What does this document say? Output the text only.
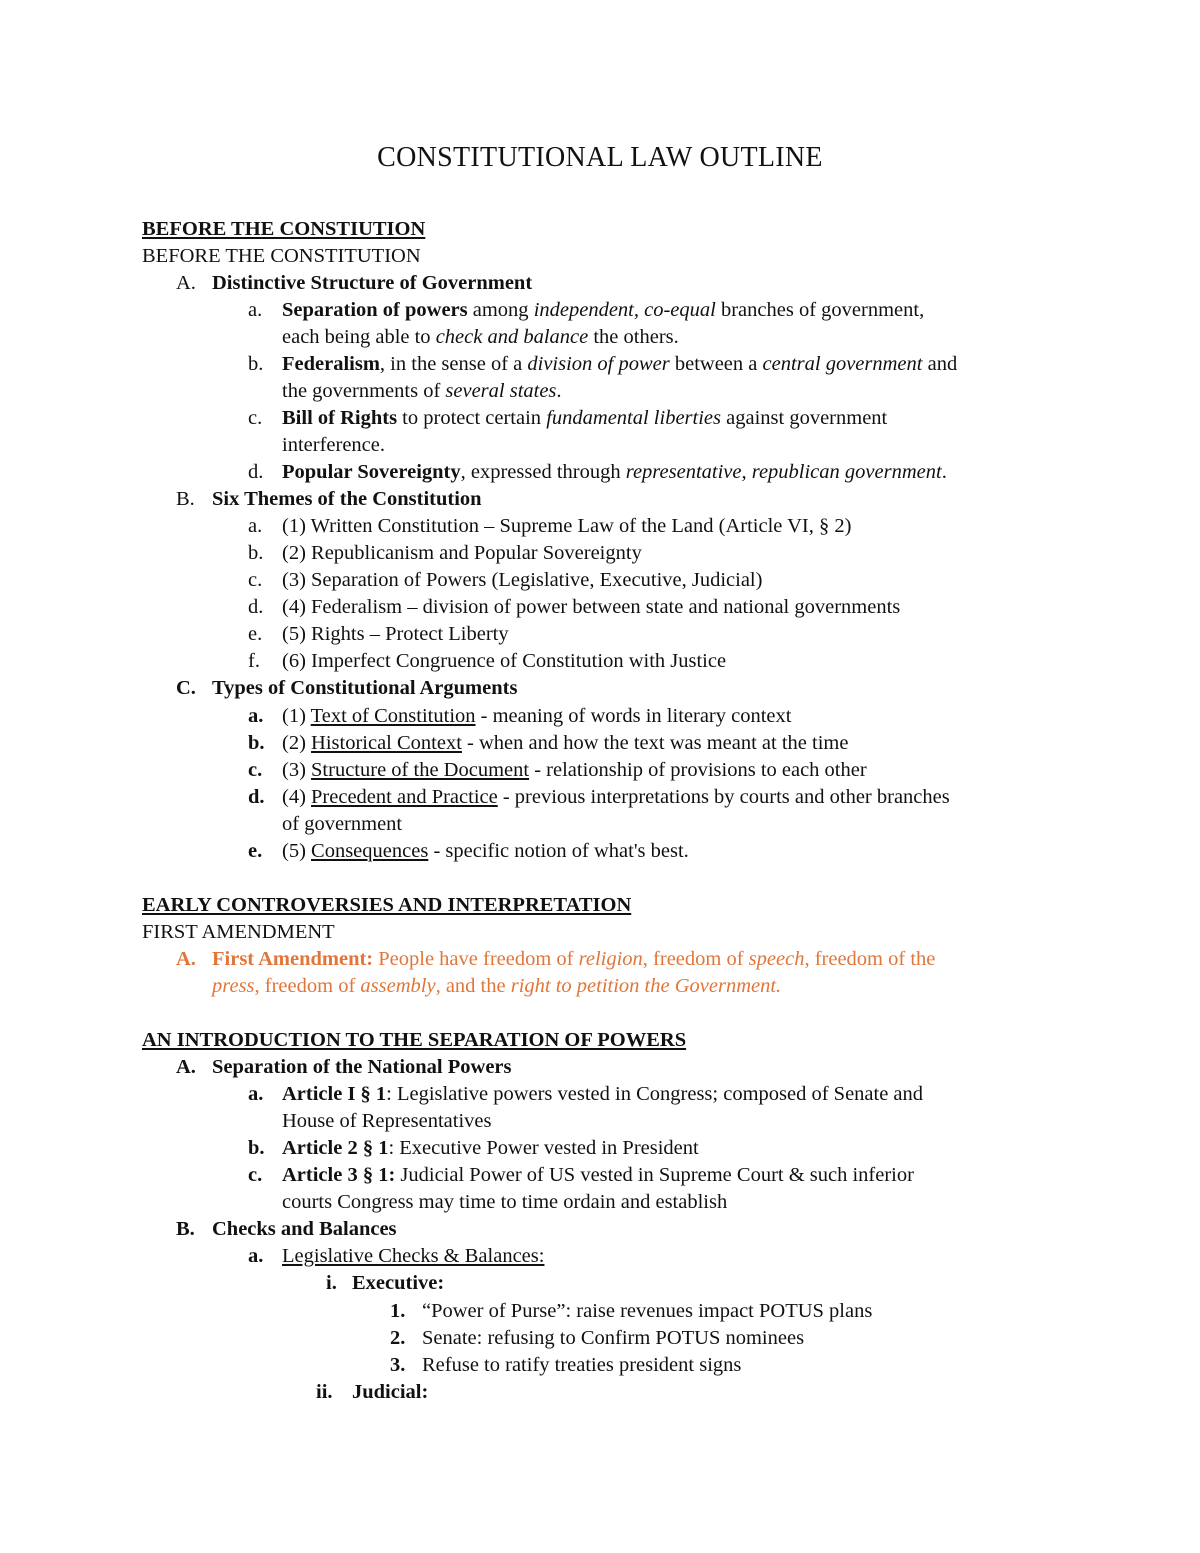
CONSTITUTIONAL LAW OUTLINE
BEFORE THE CONSTIUTION
BEFORE THE CONSTITUTION
A. Distinctive Structure of Government
a. Separation of powers among independent, co-equal branches of government,
each being able to check and balance the others.
b. Federalism, in the sense of a division of power between a central government and
the governments of several states.
c. Bill of Rights to protect certain fundamental liberties against government
interference.
d. Popular Sovereignty, expressed through representative, republican government.
B. Six Themes of the Constitution
a. (1) Written Constitution – Supreme Law of the Land (Article VI, § 2)
b. (2) Republicanism and Popular Sovereignty
c. (3) Separation of Powers (Legislative, Executive, Judicial)
d. (4) Federalism – division of power between state and national governments
e. (5) Rights – Protect Liberty
f. (6) Imperfect Congruence of Constitution with Justice
C. Types of Constitutional Arguments
a. (1) Text of Constitution - meaning of words in literary context
b. (2) Historical Context - when and how the text was meant at the time
c. (3) Structure of the Document - relationship of provisions to each other
d. (4) Precedent and Practice - previous interpretations by courts and other branches
of government
e. (5) Consequences - specific notion of what's best.
EARLY CONTROVERSIES AND INTERPRETATION
FIRST AMENDMENT
A. First Amendment: People have freedom of religion, freedom of speech, freedom of the
press, freedom of assembly, and the right to petition the Government.
AN INTRODUCTION TO THE SEPARATION OF POWERS
A. Separation of the National Powers
a. Article I § 1: Legislative powers vested in Congress; composed of Senate and
House of Representatives
b. Article 2 § 1: Executive Power vested in President
c. Article 3 § 1: Judicial Power of US vested in Supreme Court & such inferior
courts Congress may time to time ordain and establish
B. Checks and Balances
a. Legislative Checks & Balances:
i. Executive:
1. “Power of Purse”: raise revenues impact POTUS plans
2. Senate: refusing to Confirm POTUS nominees
3. Refuse to ratify treaties president signs
ii. Judicial:
